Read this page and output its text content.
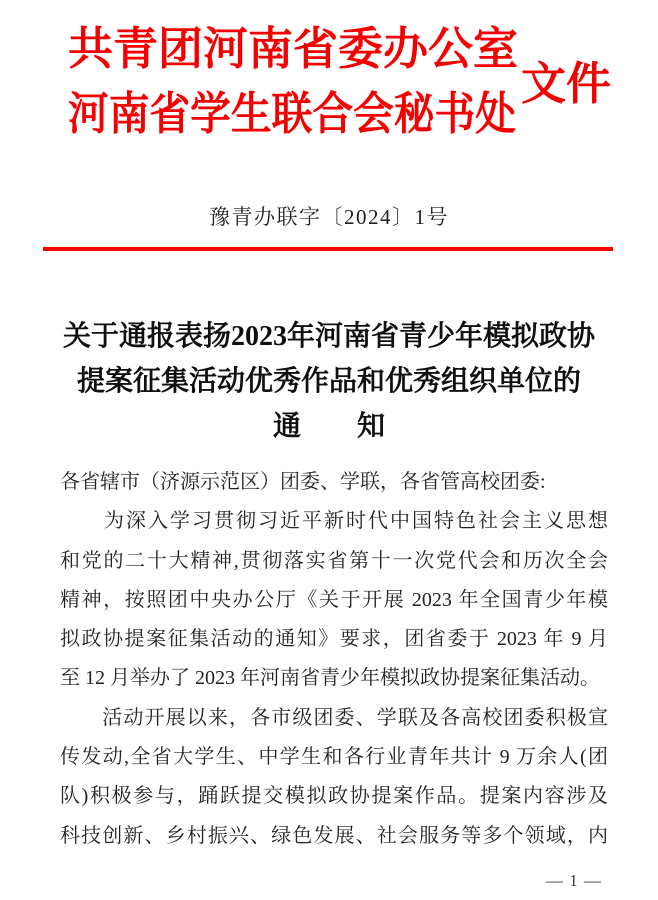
共青团河南省委办公室
河南省学生联合会秘书处
文件
豫青办联字〔2024〕1号
关于通报表扬2023年河南省青少年模拟政协
提案征集活动优秀作品和优秀组织单位的
通　　知
各省辖市（济源示范区）团委、学联，各省管高校团委:
　　为深入学习贯彻习近平新时代中国特色社会主义思想
和党的二十大精神,贯彻落实省第十一次党代会和历次全会
精神，按照团中央办公厅《关于开展 2023 年全国青少年模
拟政协提案征集活动的通知》要求，团省委于 2023 年 9 月
至 12 月举办了 2023 年河南省青少年模拟政协提案征集活动。
　　活动开展以来，各市级团委、学联及各高校团委积极宣
传发动,全省大学生、中学生和各行业青年共计 9 万余人(团
队)积极参与，踊跃提交模拟政协提案作品。提案内容涉及
科技创新、乡村振兴、绿色发展、社会服务等多个领域，内
— 1 —
